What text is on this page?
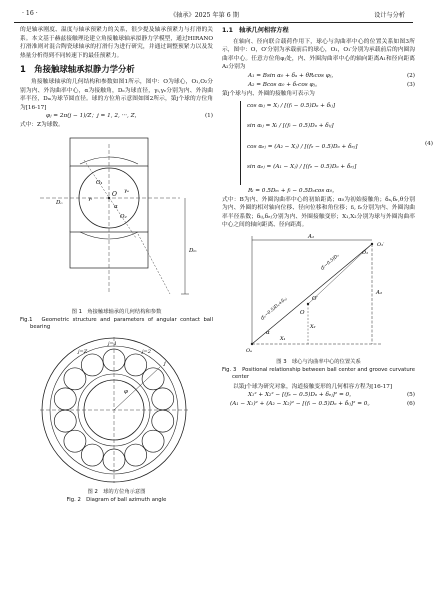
· 16 ·	《轴承》2025 年第 6 期	设计与分析
的是轴承刚度、温度与轴承预紧力的关系，很少提及轴承预紧力与打滑的关系。本文基于赫兹接触理论建立角接触球轴承拟静力学模型，通过HIRANO打滑准则对混合陶瓷球轴承的打滑行为进行研究，并通过调整预紧力以及发热量分析得到不同转速下的最佳预紧力。
1　角接触球轴承拟静力学分析
角接触球轴承的几何结构和参数如图1所示，图中：O为球心，O₁,O₂分别为内、外沟曲率中心，α为接触角，Dₒ为球直径，γᵢ,γₑ分别为内、外沟曲率半径，Dₘ为球节圆直径。球的方位角示意图如图2所示，第j个球的方位角为[16-17]
φⱼ = 2π(j − 1)/Z；j = 1, 2, ···, Z，	(1)
式中：Z为球数。
O
O₁
O₂
α
γᵢ
γₑ
Dₒ
Dₘ
图 1　角接触球轴承的几何结构和参数
Fig.1　Geometric structure and parameters of angular contact ball bearing
j=1
j=2
j=Z
φ
j
图 2　球的方位角示意图
Fig. 2　Diagram of ball azimuth angle
1.1　轴承几何相容方程
在轴向、径向联合载荷作用下，球心与沟曲率中心的位置关系如图3所示，图中：O，O′分别为承载前后的球心，O₁，O₁′分别为承载前后的内圈沟曲率中心。任意方位角φⱼ处，内、外圈沟曲率中心的轴向距离A₁和径向距离A₂分别为
A₁ = Bsin α₀ + δₐ + θRᵢcos φⱼ，	(2)
A₂ = Bcos α₀ + δᵣcos φⱼ。	(3)
第j个球与内、外圈的接触角可表示为
cos αᵢⱼ = Xⱼ / [(fᵢ − 0.5)Dₒ + δᵢⱼ]
sin αᵢⱼ = Xᵢ / [(fᵢ − 0.5)Dₒ + δᵢⱼ]
cos αₑⱼ = (A₂ − Xⱼ) / [(fₑ − 0.5)Dₒ + δₑⱼ]
sin αₑⱼ = (A₁ − Xⱼ) / [(fₑ − 0.5)Dₒ + δₑⱼ]
(4)
Rᵢ = 0.5Dₘ + fᵢ − 0.5Dₒcos α₀，
式中：B为内、外圈沟曲率中心的初始距离；α₀为初始接触角；δₐ,δᵣ,θ分别为内、外圈的相对轴向位移、径向位移和角位移；fᵢ, fₑ分别为内、外圈沟曲率半径系数；δᵢⱼ,δₑⱼ分别为内、外圈接触变形；X₁,X₂分别为球与外圈沟曲率中心之间的轴向距离、径向距离。
A₁
A₂
O₁
O₁′
O
O′
Oₑ
X₁
X₂
α
(fᵢ−0.5)Dₒ
(fₑ−0.5)Dₒ+δₑⱼ
图 3　球心与沟曲率中心的位置关系
Fig. 3　Positional relationship between ball center and groove curvature center
以第j个球为研究对象，沟道接触变形的几何相容方程为[16-17]
X₁² + X₂² − [(fₑ − 0.5)Dₒ + δₑⱼ]² = 0，	(5)
(A₁ − X₁)² + (A₂ − X₂)² − [(fᵢ − 0.5)Dₒ + δᵢⱼ]² = 0。	(6)
